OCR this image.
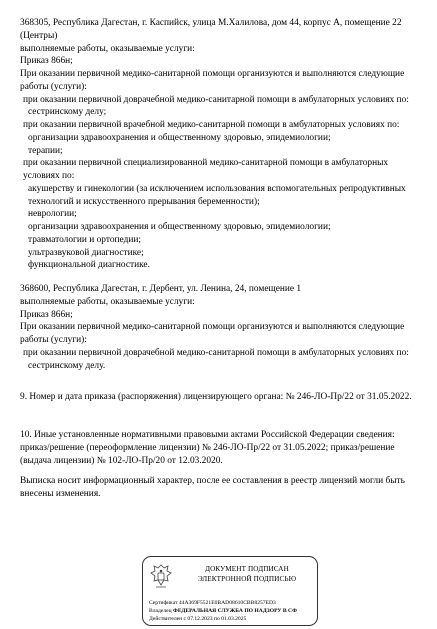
368305, Республика Дагестан, г. Каспийск, улица М.Халилова, дом 44, корпус А, помещение 22 (Центры)

выполняемые работы, оказываемые услуги:

Приказ 866н;

При оказании первичной медико-санитарной помощи организуются и выполняются следующие работы (услуги):

при оказании первичной доврачебной медико-санитарной помощи в амбулаторных условиях по:

сестринскому делу;

при оказании первичной врачебной медико-санитарной помощи в амбулаторных условиях по:

организации здравоохранения и общественному здоровью, эпидемиологии;

терапии;

при оказании первичной специализированной медико-санитарной помощи в амбулаторных условиях по:

акушерству и гинекологии (за исключением использования вспомогательных репродуктивных технологий и искусственного прерывания беременности);

неврологии;

организации здравоохранения и общественному здоровью, эпидемиологии;

травматологии и ортопедии;

ультразвуковой диагностике;

функциональной диагностике.

368600, Республика Дагестан, г. Дербент, ул. Ленина, 24, помещение 1

выполняемые работы, оказываемые услуги:

Приказ 866н;

При оказании первичной медико-санитарной помощи организуются и выполняются следующие работы (услуги):

при оказании первичной доврачебной медико-санитарной помощи в амбулаторных условиях по:

сестринскому делу.

9. Номер и дата приказа (распоряжения) лицензирующего органа: № 246-ЛО-Пр/22 от 31.05.2022.

10. Иные установленные нормативными правовыми актами Российской Федерации сведения: приказ/решение (переоформление лицензии) № 246-ЛО-Пр/22 от 31.05.2022; приказ/решение (выдача лицензии) № 102-ЛО-Пр/20 от 12.03.2020.

Выписка носит информационный характер, после ее составления в реестр лицензий могли быть внесены изменения.

ДОКУМЕНТ ПОДПИСАН
ЭЛЕКТРОННОЙ ПОДПИСЬЮ
Сертификат 44A369F5521E0BAD08610CBB8257ED3
Владелец ФЕДЕРАЛЬНАЯ СЛУЖБА ПО НАДЗОРУ В СФ
Действителен с 07.12.2023 по 01.03.2025
